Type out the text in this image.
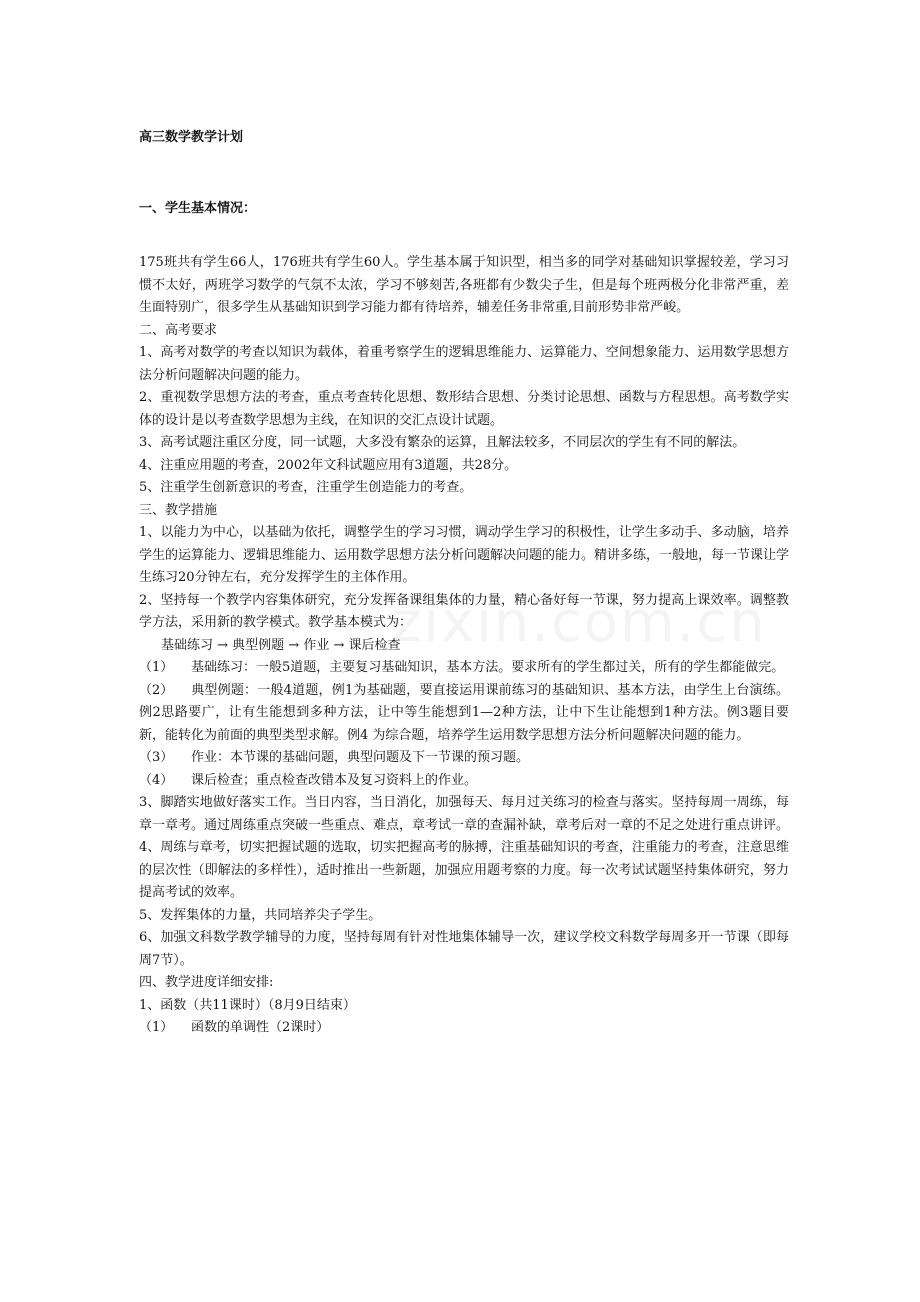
高三数学教学计划
一、学生基本情况：

175班共有学生66人，176班共有学生60人。学生基本属于知识型，相当多的同学对基础知识掌握较差，学习习惯不太好，两班学习数学的气氛不太浓，学习不够刻苦,各班都有少数尖子生，但是每个班两极分化非常严重，差生面特别广，很多学生从基础知识到学习能力都有待培养，辅差任务非常重,目前形势非常严峻。

二、高考要求

1、高考对数学的考查以知识为载体，着重考察学生的逻辑思维能力、运算能力、空间想象能力、运用数学思想方法分析问题解决问题的能力。

2、重视数学思想方法的考查，重点考查转化思想、数形结合思想、分类讨论思想、函数与方程思想。高考数学实体的设计是以考查数学思想为主线，在知识的交汇点设计试题。

3、高考试题注重区分度，同一试题，大多没有繁杂的运算，且解法较多，不同层次的学生有不同的解法。

4、注重应用题的考查，2002年文科试题应用有3道题，共28分。

5、注重学生创新意识的考查，注重学生创造能力的考查。

三、教学措施

1、以能力为中心，以基础为依托，调整学生的学习习惯，调动学生学习的积极性，让学生多动手、多动脑，培养学生的运算能力、逻辑思维能力、运用数学思想方法分析问题解决问题的能力。精讲多练，一般地，每一节课让学生练习20分钟左右，充分发挥学生的主体作用。

2、坚持每一个教学内容集体研究，充分发挥备课组集体的力量，精心备好每一节课，努力提高上课效率。调整教学方法，采用新的教学模式。教学基本模式为：

基础练习 → 典型例题 → 作业 → 课后检查

（1） 基础练习：一般5道题，主要复习基础知识，基本方法。要求所有的学生都过关，所有的学生都能做完。

（2） 典型例题：一般4道题，例1为基础题，要直接运用课前练习的基础知识、基本方法，由学生上台演练。例2思路要广，让有生能想到多种方法，让中等生能想到1—2种方法，让中下生让能想到1种方法。例3题目要新，能转化为前面的典型类型求解。例4 为综合题，培养学生运用数学思想方法分析问题解决问题的能力。

（3） 作业：本节课的基础问题，典型问题及下一节课的预习题。

（4） 课后检查；重点检查改错本及复习资料上的作业。

3、脚踏实地做好落实工作。当日内容，当日消化，加强每天、每月过关练习的检查与落实。坚持每周一周练，每章一章考。通过周练重点突破一些重点、难点，章考试一章的查漏补缺，章考后对一章的不足之处进行重点讲评。

4、周练与章考，切实把握试题的选取，切实把握高考的脉搏，注重基础知识的考查，注重能力的考查，注意思维的层次性（即解法的多样性），适时推出一些新题，加强应用题考察的力度。每一次考试试题坚持集体研究，努力提高考试的效率。

5、发挥集体的力量，共同培养尖子学生。

6、加强文科数学教学辅导的力度，坚持每周有针对性地集体辅导一次，建议学校文科数学每周多开一节课（即每周7节）。

四、教学进度详细安排:

1、函数（共11课时）（8月9日结束）

（1） 函数的单调性（2课时）
